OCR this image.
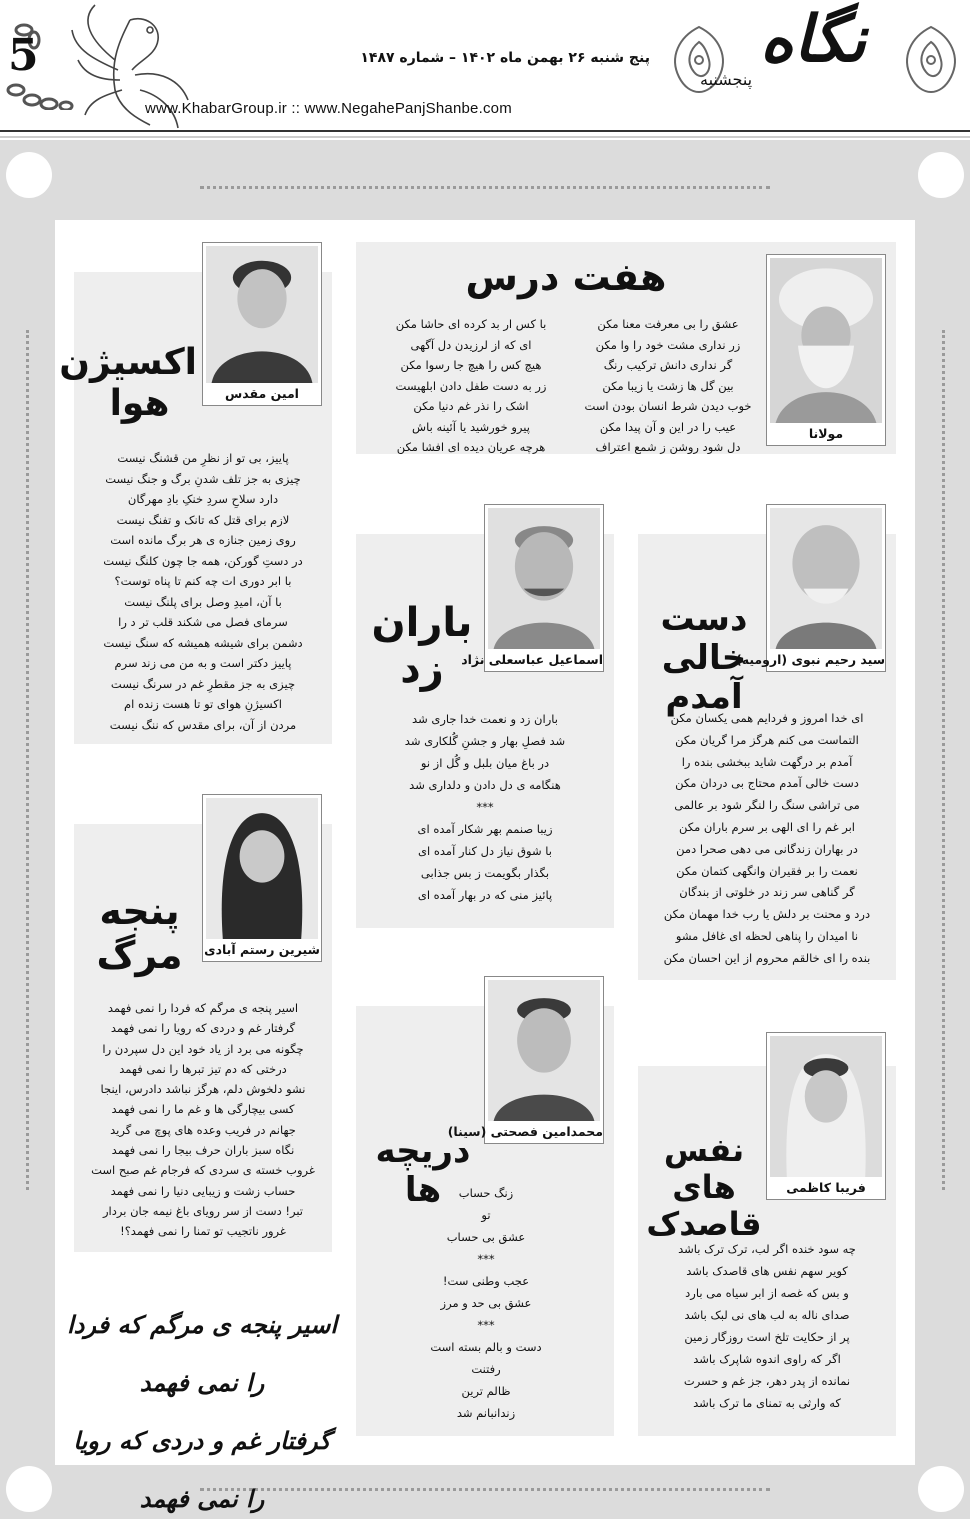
5	پنج شنبه ۲۶ بهمن ماه ۱۴۰۲ – شماره ۱۴۸۷
www.KhabarGroup.ir :: www.NegahePanjShanbe.com
نگاه
پنجشنبه
هفت درس
مولانا
عشق را بی معرفت معنا مکن
زر نداری مشت خود را وا مکن
گر نداری دانش ترکیب رنگ
بین گل ها زشت یا زیبا مکن
خوب دیدن شرط انسان بودن است
عیب را در این و آن پیدا مکن
دل شود روشن ز شمع اعتراف
با کس ار بد کرده ای حاشا مکن
ای که از لرزیدن دل آگهی
هیچ کس را هیچ جا رسوا مکن
زر به دست طفل دادن ابلهیست
اشک را نذر غم دنیا مکن
پیرو خورشید یا آئینه باش
هرچه عریان دیده ای افشا مکن
امین مقدس
اکسیژن
هوا
پاییز، بی تو از نظرِ من قشنگ نیست
چیزی به جز تلف شدنِ برگ و جنگ نیست
دارد سلاحِ سردِ خنکِ بادِ مهرگان
لازم برای قتل که تانک و تفنگ نیست
روی زمین جنازه ی هر برگ مانده است
در دستِ گورکن، همه جا چون کلنگ نیست
با ابر دوری ات چه کنم تا پناه توست؟
با آن، امیدِ وصل برای پلنگ نیست
سرمای فصل می شکند قلب تر د را
دشمن برای شیشه همیشه که سنگ نیست
پاییز دکتر است و به من می زند سرم
چیزی به جز مقطرِ غم در سرنگ نیست
اکسیژنِ هوای تو تا هست زنده ام
مردن از آن، برای مقدس که ننگ نیست
سید رحیم نبوی (ارومیه)
دست خالی
آمدم
ای خدا امروز و فردایم همی یکسان مکن
التماست می کنم هرگز مرا گریان مکن
آمدم بر درگهت شاید ببخشی بنده را
دست خالی آمدم محتاج بی دردان مکن
می تراشی سنگ را لنگر شود بر عالمی
ابر غم را ای الهی بر سرم باران مکن
در بهاران زندگانی می دهی صحرا دمن
نعمت را بر فقیران وانگهی کتمان مکن
گر گناهی سر زند در خلوتی از بندگان
درد و محنت بر دلش یا رب خدا مهمان مکن
نا امیدان را پناهی لحظه ای غافل مشو
بنده را ای خالقم محروم از این احسان مکن
اسماعیل عباسعلی نژاد
باران
زد
باران زد و نعمت خدا جاری شد
شد فصلِ بهار و جشنِ گُلکاری شد
در باغ میان بلبل و گُل از نو
هنگامه ی دل دادن و دلداری شد
***
زیبا صنمم بهر شکار آمده ای
با شوق نیاز دل کنار آمده ای
بگذار بگویمت ز بس جذابی
پائیز منی که در بهار آمده ای
شیرین رستم آبادی
پنجه
مرگ
اسیر پنجه ی مرگم که فردا را نمی فهمد
گرفتار غم و دردی که رویا را نمی فهمد
چگونه می برد از یاد خود این دل سپردن را
درختی که دم تیز تبرها را نمی فهمد
نشو دلخوش دلم، هرگز نباشد دادرس، اینجا
کسی بیچارگی ها و غم ما را نمی فهمد
جهانم در فریب وعده های پوچ می گرید
نگاه سبز باران حرف بیجا را نمی فهمد
غروب خسته ی سردی که فرجام غم صبح است
حساب زشت و زیبایی دنیا را نمی فهمد
تبر! دست از سر رویای باغ نیمه جان بردار
غرور ناتجیب تو تمنا را نمی فهمد؟!
اسیر پنجه ی مرگم که فردا را نمی فهمد
گرفتار غم و دردی که رویا را نمی فهمد
محمدامین فصحتی (سینا)
دریچه ها	زنگ حساب
تو
عشق بی حساب
***
عجب وطنی ست!
عشق بی حد و مرز
***
دست و بالم بسته است
رفتنت
ظالم ترین
زندانبانم شد
فریبا کاظمی
نفس های
قاصدک
چه سود خنده اگر لب، ترک ترک باشد
کویر سهم نفس های قاصدک باشد
و بس که غصه از ابر سیاه می بارد
صدای ناله به لب های نی لبک باشد
پر از حکایت تلخ است روزگار زمین
اگر که راوی اندوه شاپرک باشد
نمانده از پدر دهر، جز غم و حسرت
که وارثی به تمنای ما ترک باشد
